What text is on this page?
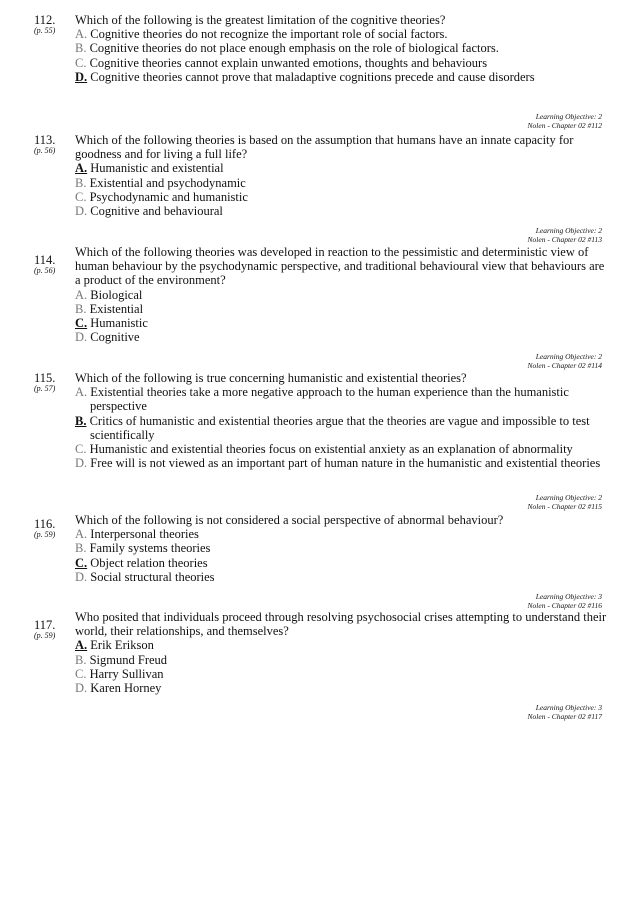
112.
(p. 55)

Which of the following is the greatest limitation of the cognitive theories?

A. Cognitive theories do not recognize the important role of social factors.

B. Cognitive theories do not place enough emphasis on the role of biological factors.

C. Cognitive theories cannot explain unwanted emotions, thoughts and behaviours

D. Cognitive theories cannot prove that maladaptive cognitions precede and cause disorders

Learning Objective: 2
Nolen - Chapter 02 #112
113.
(p. 56)

Which of the following theories is based on the assumption that humans have an innate capacity for goodness and for living a full life?

A. Humanistic and existential

B. Existential and psychodynamic

C. Psychodynamic and humanistic

D. Cognitive and behavioural

Learning Objective: 2
Nolen - Chapter 02 #113
114.
(p. 56)

Which of the following theories was developed in reaction to the pessimistic and deterministic view of human behaviour by the psychodynamic perspective, and traditional behavioural view that behaviours are a product of the environment?

A. Biological

B. Existential

C. Humanistic

D. Cognitive

Learning Objective: 2
Nolen - Chapter 02 #114
115.
(p. 57)

Which of the following is true concerning humanistic and existential theories?

A. Existential theories take a more negative approach to the human experience than the humanistic perspective

B. Critics of humanistic and existential theories argue that the theories are vague and impossible to test scientifically

C. Humanistic and existential theories focus on existential anxiety as an explanation of abnormality

D. Free will is not viewed as an important part of human nature in the humanistic and existential theories

Learning Objective: 2
Nolen - Chapter 02 #115
116.
(p. 59)

Which of the following is not considered a social perspective of abnormal behaviour?

A. Interpersonal theories

B. Family systems theories

C. Object relation theories

D. Social structural theories

Learning Objective: 3
Nolen - Chapter 02 #116
117.
(p. 59)

Who posited that individuals proceed through resolving psychosocial crises attempting to understand their world, their relationships, and themselves?

A. Erik Erikson

B. Sigmund Freud

C. Harry Sullivan

D. Karen Horney

Learning Objective: 3
Nolen - Chapter 02 #117
